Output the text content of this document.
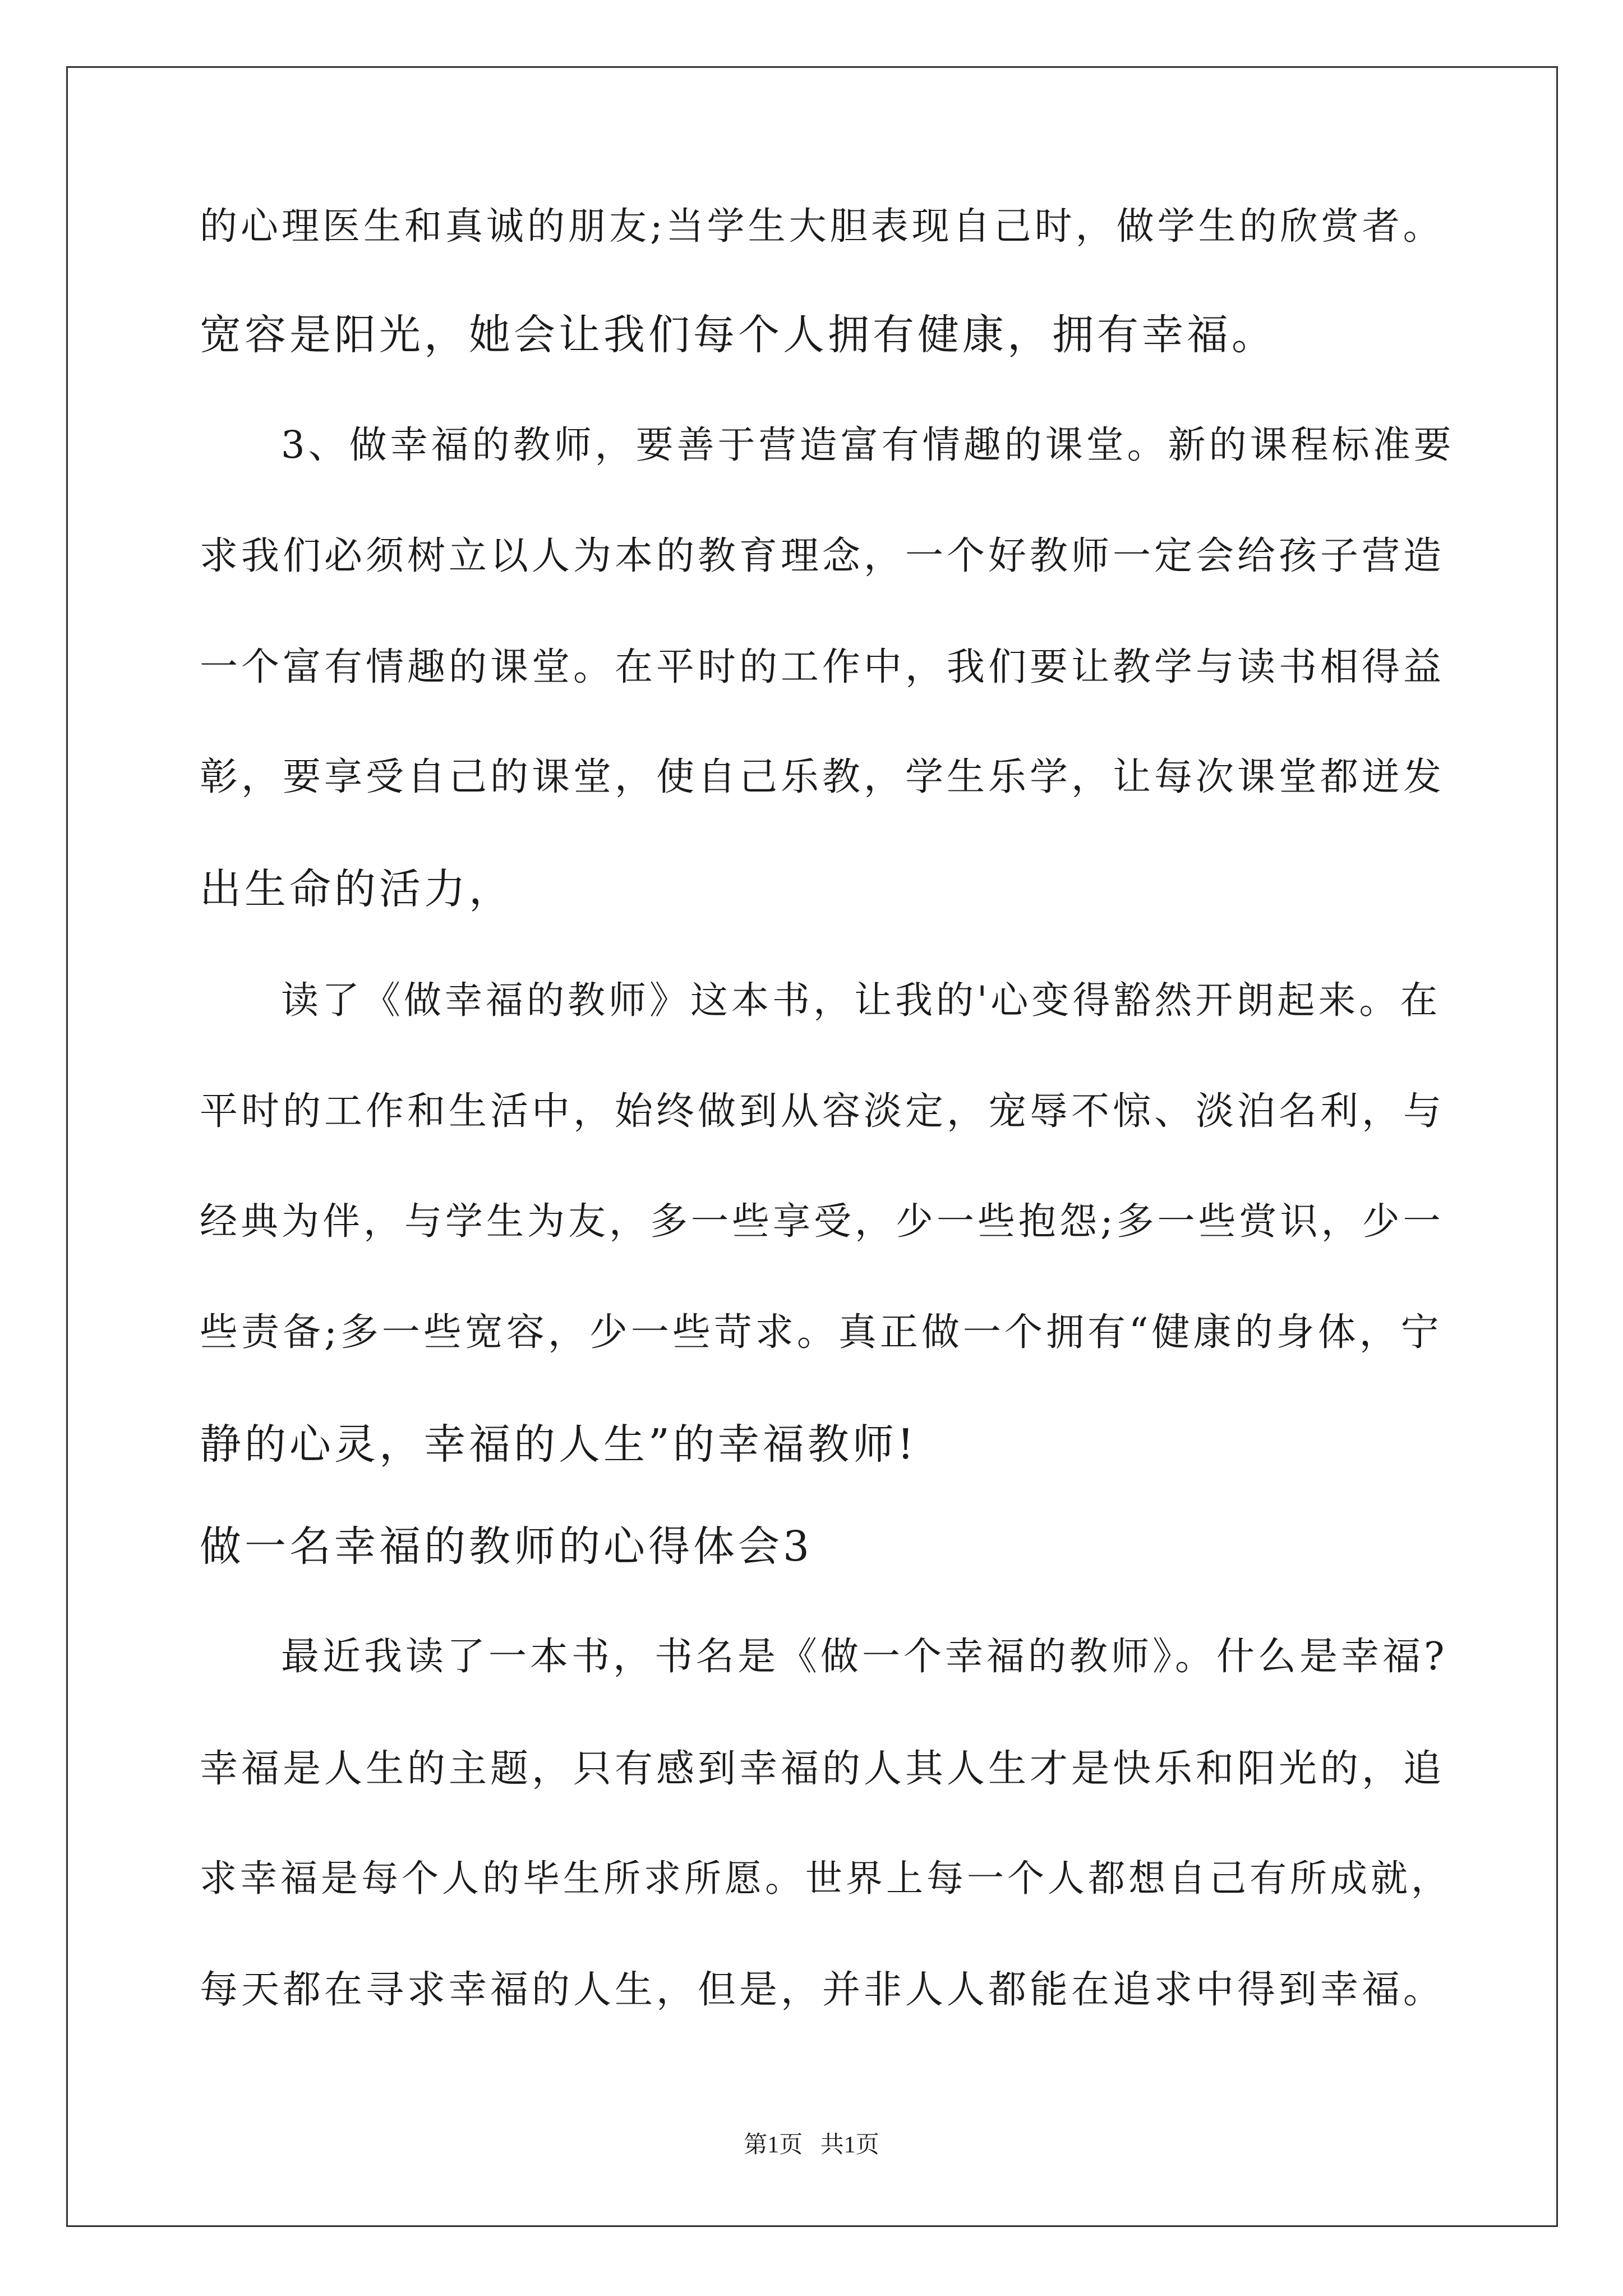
的心理医生和真诚的朋友;当学生大胆表现自己时，做学生的欣赏者。
宽容是阳光，她会让我们每个人拥有健康，拥有幸福。
3、做幸福的教师，要善于营造富有情趣的课堂。新的课程标准要
求我们必须树立以人为本的教育理念，一个好教师一定会给孩子营造
一个富有情趣的课堂。在平时的工作中，我们要让教学与读书相得益
彰，要享受自己的课堂，使自己乐教，学生乐学，让每次课堂都迸发
出生命的活力，
读了《做幸福的教师》这本书，让我的'心变得豁然开朗起来。在
平时的工作和生活中，始终做到从容淡定，宠辱不惊、淡泊名利，与
经典为伴，与学生为友，多一些享受，少一些抱怨;多一些赏识，少一
些责备;多一些宽容，少一些苛求。真正做一个拥有“健康的身体，宁
静的心灵，幸福的人生”的幸福教师!
做一名幸福的教师的心得体会3
最近我读了一本书，书名是《做一个幸福的教师》。什么是幸福?
幸福是人生的主题，只有感到幸福的人其人生才是快乐和阳光的，追
求幸福是每个人的毕生所求所愿。世界上每一个人都想自己有所成就，
每天都在寻求幸福的人生，但是，并非人人都能在追求中得到幸福。
第1页   共1页
